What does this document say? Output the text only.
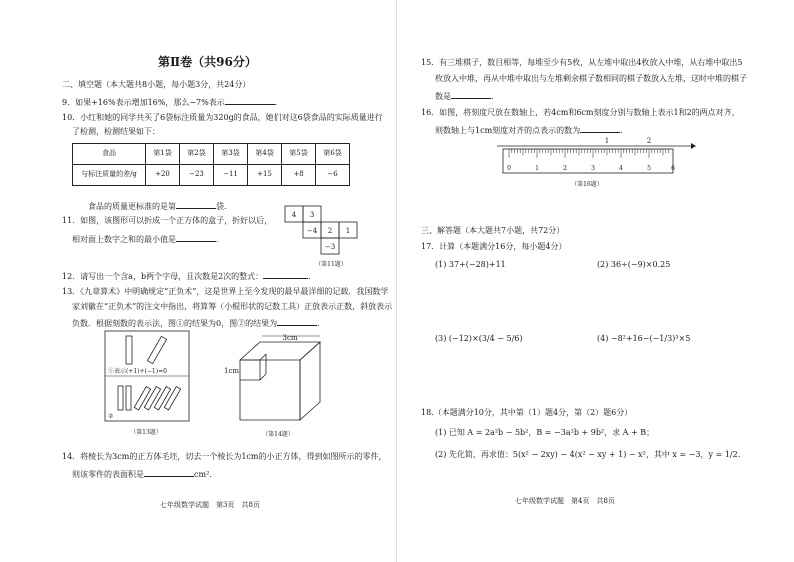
第Ⅱ卷（共96分）
二、填空题（本大题共8小题，每小题3分，共24分）
9．如果+16%表示增加16%，那么−7%表示	．
10．小红和她的同学共买了6袋标注质量为320g的食品，她们对这6袋食品的实际质量进行
了检测，检测结果如下：
食品	第1袋	第2袋	第3袋	第4袋	第5袋	第6袋
与标注质量的差/g	+20	−23	−11	+15	+8	−6
食品的质量更标准的是第	袋．
11．如图，该图形可以折成一个正方体的盒子，折好以后，
相对面上数字之和的最小值是	．
4 3
−4 2 1
−3
（第11题）
12．请写出一个含a，b两个字母，且次数是2次的整式：	．
13．《九章算术》中明确规定“正负术”，这是世界上至今发现的最早最详细的记载．我国数学
家刘徽在“正负术”的注文中指出，将算筹（小棍形状的记数工具）正放表示正数，斜放表示
负数．根据刻数的表示法，图①的结果为0，图②的结果为	．
①表示(+1)+(−1)=0
②
（第13题）
3cm
1cm
（第14题）
14．将棱长为3cm的正方体毛坯，切去一个棱长为1cm的小正方体，得到如图所示的零件，
则该零件的表面积是	cm².
七年级数学试题　第3页　共8页
15．有三堆棋子，数目相等，每堆至少有5枚，从左堆中取出4枚放入中堆，从右堆中取出5
枚放入中堆，再从中堆中取出与左堆剩余棋子数相同的棋子数放入左堆，这时中堆的棋子
数是	．
16．如图，将刻度尺放在数轴上，若4cm和6cm刻度分别与数轴上表示1和2的两点对齐，
则数轴上与1cm刻度对齐的点表示的数为	．
1	2
0	1	2	3	4	5	6
（第16题）
三、解答题（本大题共7小题，共72分）
17．计算（本题满分16分，每小题4分）
(1) 37+(−28)+11	(2) 36÷(−9)×0.25
(3) (−12)×(3/4 − 5/6)	(4) −8²+16−(−1/3)³×5
18.（本题满分10分，其中第（1）题4分，第（2）题6分）
(1) 已知 A = 2a²b − 5b²，B = −3a²b + 9b²，求 A + B；
(2) 先化简，再求值：5(x² − 2xy) − 4(x² − xy + 1) − x²，其中 x = −3，y = 1/2.
七年级数学试题　第4页　共8页
